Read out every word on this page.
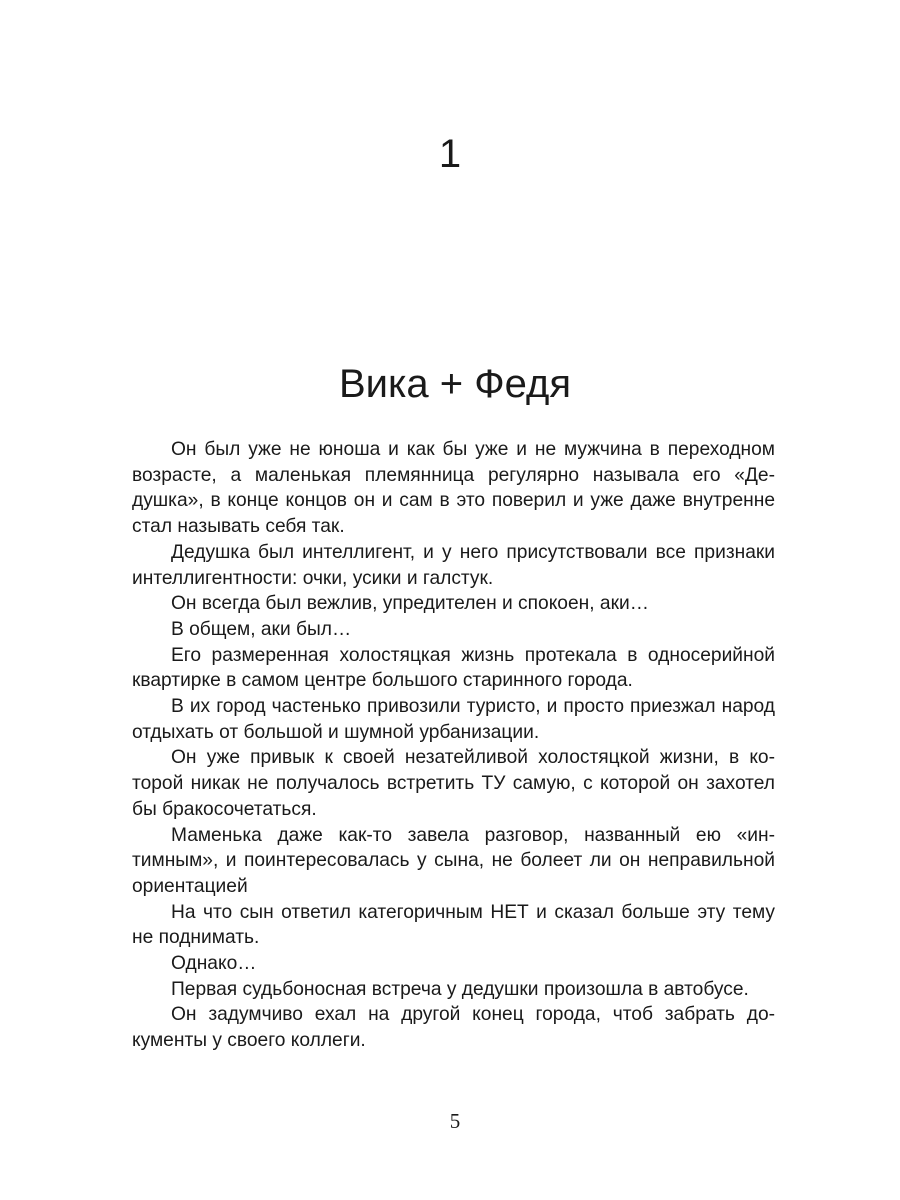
1
Вика + Федя

Он был уже не юноша и как бы уже и не мужчина в переходном возрасте, а маленькая племянница регулярно называла его «Дедушка», в конце концов он и сам в это поверил и уже даже внутренне стал называть себя так.

Дедушка был интеллигент, и у него присутствовали все признаки интеллигентности: очки, усики и галстук.

Он всегда был вежлив, упредителен и спокоен, аки…

В общем, аки был…

Его размеренная холостяцкая жизнь протекала в односерийной квартирке в самом центре большого старинного города.

В их город частенько привозили туристо, и просто приезжал народ отдыхать от большой и шумной урбанизации.

Он уже привык к своей незатейливой холостяцкой жизни, в которой никак не получалось встретить ТУ самую, с которой он захотел бы бракосочетаться.

Маменька даже как-то завела разговор, названный ею «интимным», и поинтересовалась у сына, не болеет ли он неправильной ориентацией

На что сын ответил категоричным НЕТ и сказал больше эту тему не поднимать.

Однако…

Первая судьбоносная встреча у дедушки произошла в автобусе.

Он задумчиво ехал на другой конец города, чтоб забрать документы у своего коллеги.

5
